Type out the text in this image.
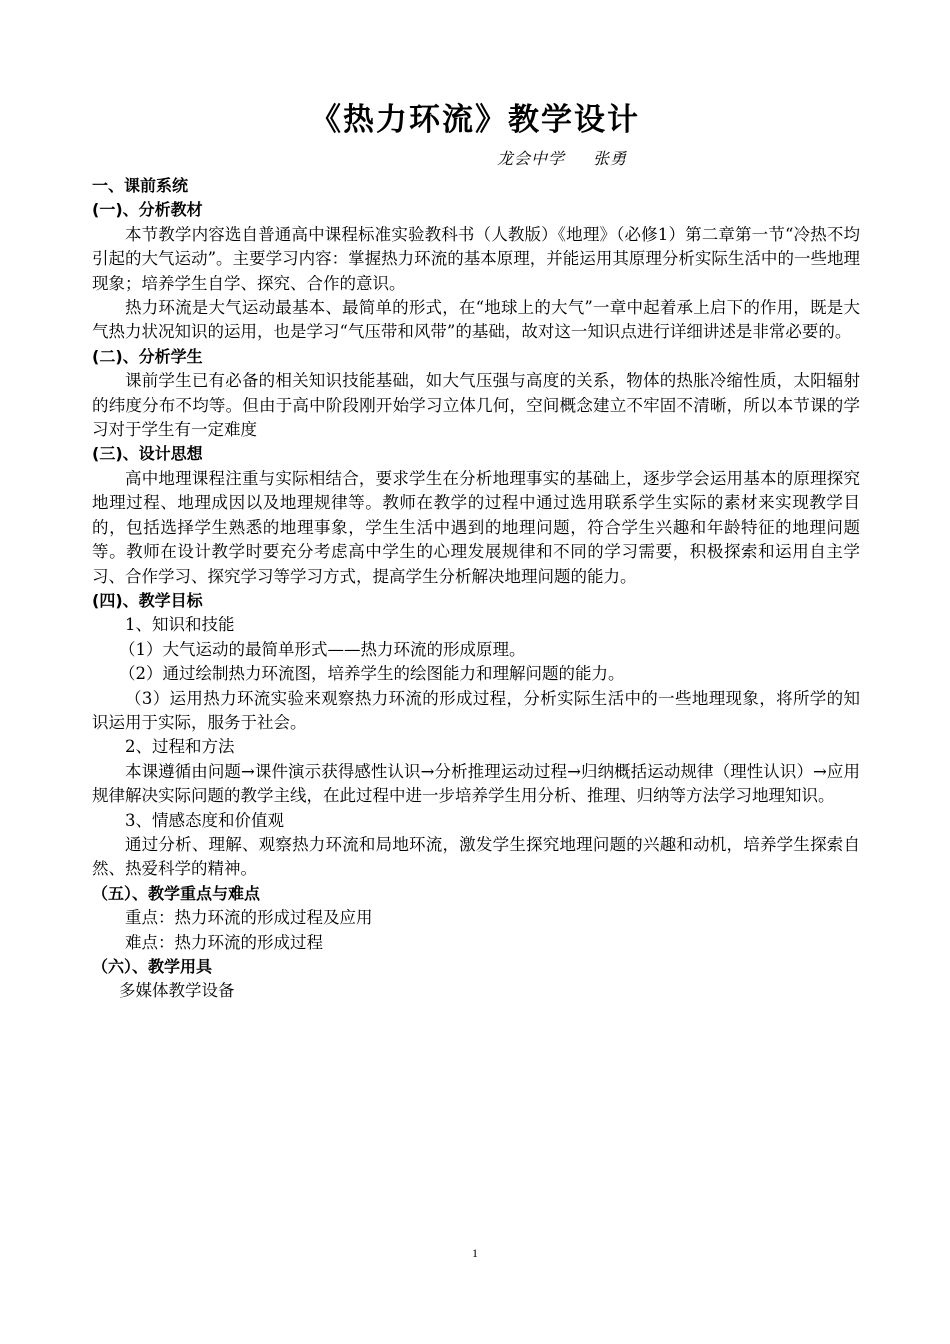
《热力环流》教学设计
龙会中学 张勇
一、课前系统
(一)、分析教材

本节教学内容选自普通高中课程标准实验教科书（人教版）《地理》（必修1）第二章第一节“冷热不均引起的大气运动”。主要学习内容：掌握热力环流的基本原理，并能运用其原理分析实际生活中的一些地理现象；培养学生自学、探究、合作的意识。

热力环流是大气运动最基本、最简单的形式，在“地球上的大气”一章中起着承上启下的作用，既是大气热力状况知识的运用，也是学习“气压带和风带”的基础，故对这一知识点进行详细讲述是非常必要的。

(二)、分析学生

课前学生已有必备的相关知识技能基础，如大气压强与高度的关系，物体的热胀冷缩性质，太阳辐射的纬度分布不均等。但由于高中阶段刚开始学习立体几何，空间概念建立不牢固不清晰，所以本节课的学习对于学生有一定难度

(三)、设计思想

高中地理课程注重与实际相结合，要求学生在分析地理事实的基础上，逐步学会运用基本的原理探究地理过程、地理成因以及地理规律等。教师在教学的过程中通过选用联系学生实际的素材来实现教学目的，包括选择学生熟悉的地理事象，学生生活中遇到的地理问题，符合学生兴趣和年龄特征的地理问题等。教师在设计教学时要充分考虑高中学生的心理发展规律和不同的学习需要，积极探索和运用自主学习、合作学习、探究学习等学习方式，提高学生分析解决地理问题的能力。

(四)、教学目标

1、知识和技能

（1）大气运动的最简单形式——热力环流的形成原理。

（2）通过绘制热力环流图，培养学生的绘图能力和理解问题的能力。

（3）运用热力环流实验来观察热力环流的形成过程，分析实际生活中的一些地理现象，将所学的知识运用于实际，服务于社会。

2、过程和方法

本课遵循由问题→课件演示获得感性认识→分析推理运动过程→归纳概括运动规律（理性认识）→应用规律解决实际问题的教学主线，在此过程中进一步培养学生用分析、推理、归纳等方法学习地理知识。

3、情感态度和价值观

通过分析、理解、观察热力环流和局地环流，激发学生探究地理问题的兴趣和动机，培养学生探索自然、热爱科学的精神。

（五）、教学重点与难点

重点：热力环流的形成过程及应用

难点：热力环流的形成过程

（六）、教学用具

多媒体教学设备

1
